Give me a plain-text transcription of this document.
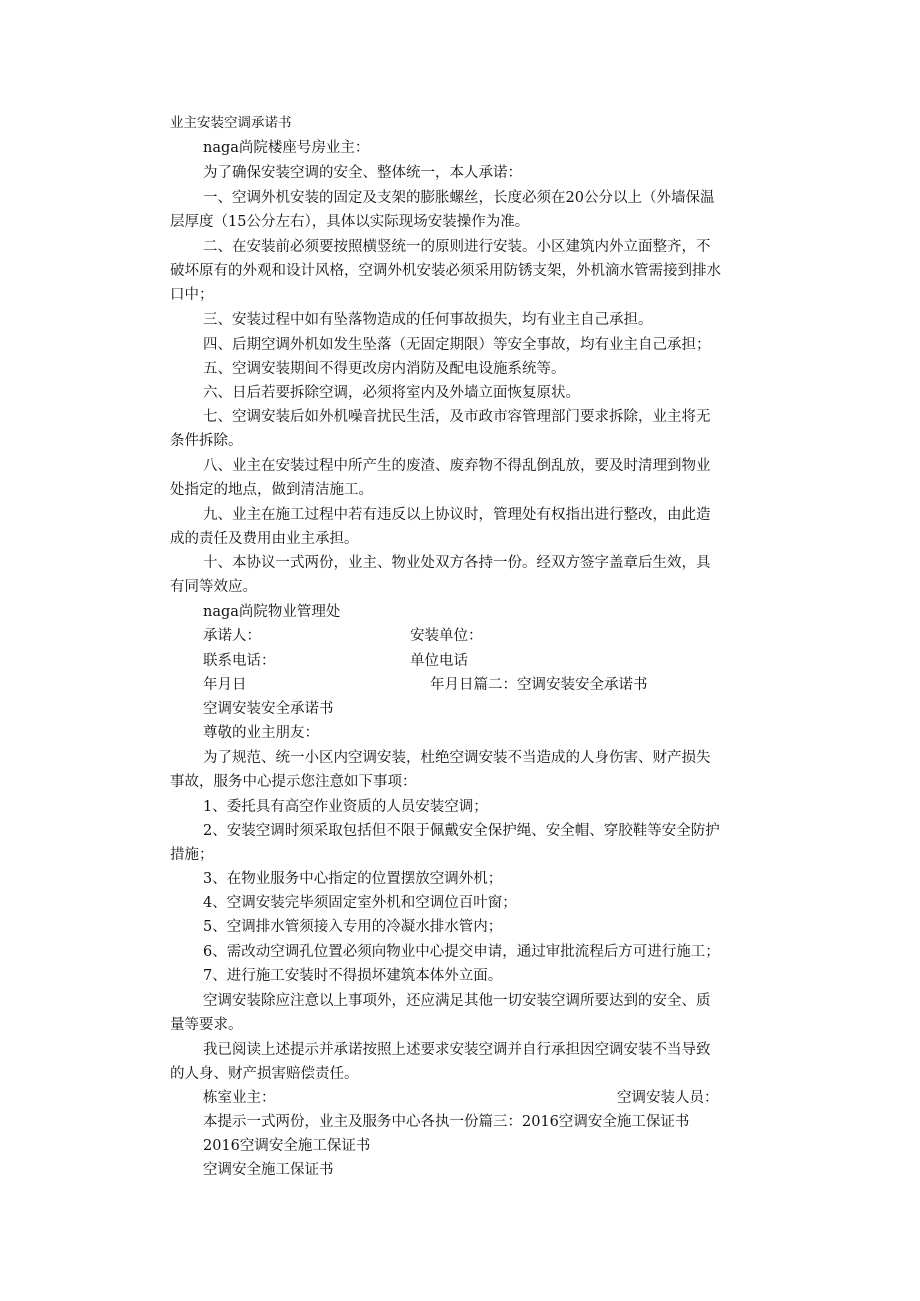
业主安装空调承诺书

naga尚院楼座号房业主：

为了确保安装空调的安全、整体统一，本人承诺：

一、空调外机安装的固定及支架的膨胀螺丝，长度必须在20公分以上（外墙保温

层厚度（15公分左右），具体以实际现场安装操作为准。

二、在安装前必须要按照横竖统一的原则进行安装。小区建筑内外立面整齐，不

破坏原有的外观和设计风格，空调外机安装必须采用防锈支架，外机滴水管需接到排水

口中；

三、安装过程中如有坠落物造成的任何事故损失，均有业主自己承担。

四、后期空调外机如发生坠落（无固定期限）等安全事故，均有业主自己承担；

五、空调安装期间不得更改房内消防及配电设施系统等。

六、日后若要拆除空调，必须将室内及外墙立面恢复原状。

七、空调安装后如外机噪音扰民生活，及市政市容管理部门要求拆除，业主将无

条件拆除。

八、业主在安装过程中所产生的废渣、废弃物不得乱倒乱放，要及时清理到物业

处指定的地点，做到清洁施工。

九、业主在施工过程中若有违反以上协议时，管理处有权指出进行整改，由此造

成的责任及费用由业主承担。

十、本协议一式两份，业主、物业处双方各持一份。经双方签字盖章后生效，具

有同等效应。

naga尚院物业管理处

承诺人：	安装单位：

联系电话：	单位电话

年月日	年月日篇二：空调安装安全承诺书

空调安装安全承诺书

尊敬的业主朋友：

为了规范、统一小区内空调安装，杜绝空调安装不当造成的人身伤害、财产损失

事故，服务中心提示您注意如下事项：

1、委托具有高空作业资质的人员安装空调；

2、安装空调时须采取包括但不限于佩戴安全保护绳、安全帽、穿胶鞋等安全防护

措施；

3、在物业服务中心指定的位置摆放空调外机；

4、空调安装完毕须固定室外机和空调位百叶窗；

5、空调排水管须接入专用的冷凝水排水管内；

6、需改动空调孔位置必须向物业中心提交申请，通过审批流程后方可进行施工；

7、进行施工安装时不得损坏建筑本体外立面。

空调安装除应注意以上事项外，还应满足其他一切安装空调所要达到的安全、质

量等要求。

我已阅读上述提示并承诺按照上述要求安装空调并自行承担因空调安装不当导致

的人身、财产损害赔偿责任。

栋室业主：	空调安装人员：

本提示一式两份，业主及服务中心各执一份篇三：2016空调安全施工保证书

2016空调安全施工保证书

空调安全施工保证书
